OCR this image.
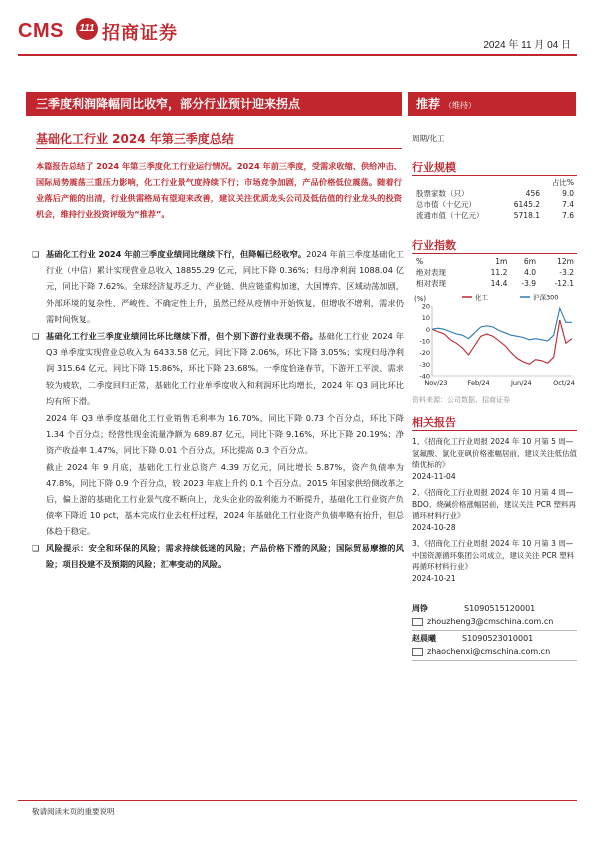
CMS	111 招商证券
2024 年 11 月 04 日
三季度利润降幅同比收窄，部分行业预计迎来拐点	推荐 （维持）
基础化工行业 2024 年第三季度总结
本篇报告总结了 2024 年第三季度化工行业运行情况。2024 年前三季度，受需求收缩、供给冲击、国际局势震荡三重压力影响，化工行业景气度持续下行；市场竞争加剧，产品价格低位震荡。随着行业落后产能的出清，行业供需格局有望迎来改善，建议关注优质龙头公司及低估值的行业龙头的投资机会，维持行业投资评级为“推荐”。
❑ 基础化工行业 2024 年前三季度业绩同比继续下行，但降幅已经收窄。2024 年前三季度基础化工行业（中信）累计实现营业总收入 18855.29 亿元，同比下降 0.36%；归母净利润 1088.04 亿元，同比下降 7.62%。全球经济复苏乏力、产业链、供应链重构加速，大国博弈、区域动荡加剧，外部环境的复杂性、严峻性、不确定性上升，虽然已经从疫情中开始恢复，但增收不增利，需求仍需时间恢复。
❑ 基础化工行业三季度业绩同比环比继续下滑，但个别下游行业表现不俗。基础化工行业 2024 年 Q3 单季度实现营业总收入为 6433.58 亿元，同比下降 2.06%，环比下降 3.05%；实现归母净利润 315.64 亿元，同比下降 15.86%，环比下降 23.68%。一季度恰逢春节，下游开工平淡、需求较为疲软，二季度回归正常，基础化工行业单季度收入和利润环比均增长，2024 年 Q3 同比环比均有所下滑。
2024 年 Q3 单季度基础化工行业销售毛利率为 16.70%，同比下降 0.73 个百分点，环比下降 1.34 个百分点；经营性现金流量净额为 689.87 亿元，同比下降 9.16%，环比下降 20.19%；净资产收益率 1.47%，同比下降 0.01 个百分点，环比提高 0.3 个百分点。
截止 2024 年 9 月底，基础化工行业总资产 4.39 万亿元，同比增长 5.87%，资产负债率为 47.8%，同比下降 0.9 个百分点，较 2023 年底上升约 0.1 个百分点。2015 年国家供给侧改革之后，偏上游的基础化工行业景气度不断向上，龙头企业的盈利能力不断提升，基础化工行业资产负债率下降近 10 pct，基本完成行业去杠杆过程，2024 年基础化工行业资产负债率略有抬升，但总体趋于稳定。
❑ 风险提示：安全和环保的风险；需求持续低迷的风险；产品价格下滑的风险；国际贸易摩擦的风险；项目投建不及预期的风险；汇率变动的风险。
周期/化工
行业规模
		占比%
股票家数（只）	456	9.0
总市值（十亿元）	6145.2	7.4
流通市值（十亿元）	5718.1	7.6
行业指数
%	1m	6m	12m
绝对表现	11.2	4.0	-3.2
相对表现	14.4	-3.9	-12.1
(%)
20
10
0
-10
-20
-30
-40
Nov/23	Feb/24	Jun/24	Oct/24
化工	沪深300
资料来源：公司数据、招商证券
相关报告
1、《招商化工行业周报 2024 年 10 月第 5 周—氢氟酸、氯化亚砜价格涨幅居前，建议关注低估值绩优标的》
2024-11-04
2、《招商化工行业周报 2024 年 10 月第 4 周—BDO、烧碱价格涨幅居前，建议关注 PCR 塑料再循环材料行业》
2024-10-28
3、《招商化工行业周报 2024 年 10 月第 3 周—中国资源循环集团公司成立，建议关注 PCR 塑料再循环材料行业》
2024-10-21
周铮	S1090515120001
zhouzheng3@cmschina.com.cn
赵晨曦	S1090523010001
zhaochenxi@cmschina.com.cn
敬请阅读末页的重要说明
